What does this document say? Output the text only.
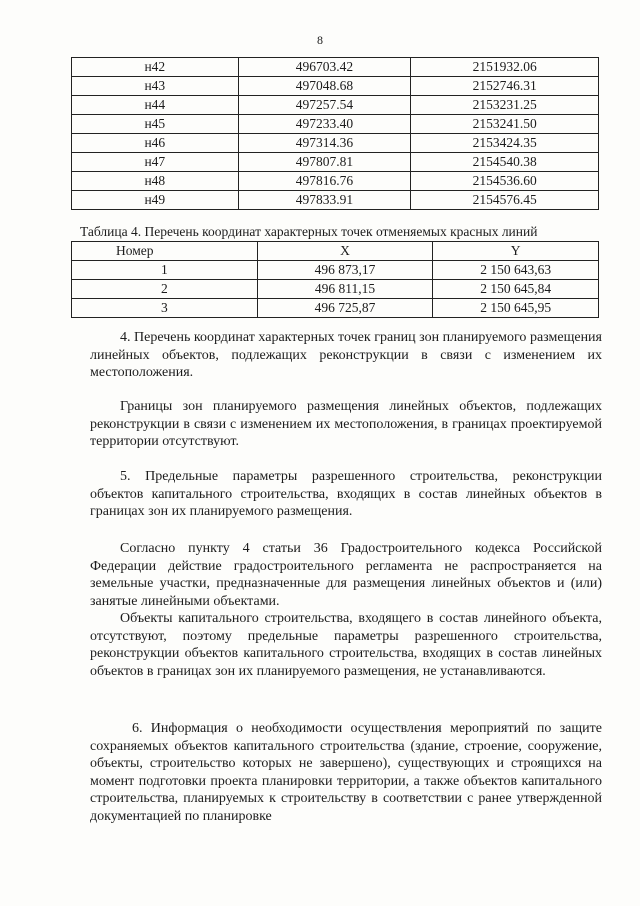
8
н42	496703.42	2151932.06
н43	497048.68	2152746.31
н44	497257.54	2153231.25
н45	497233.40	2153241.50
н46	497314.36	2153424.35
н47	497807.81	2154540.38
н48	497816.76	2154536.60
н49	497833.91	2154576.45
Таблица 4. Перечень координат характерных точек отменяемых красных линий
Номер	X	Y
1	496 873,17	2 150 643,63
2	496 811,15	2 150 645,84
3	496 725,87	2 150 645,95

4. Перечень координат характерных точек границ зон планируемого размещения линейных объектов, подлежащих реконструкции в связи с изменением их местоположения.

Границы зон планируемого размещения линейных объектов, подлежащих реконструкции в связи с изменением их местоположения, в границах проектируемой территории отсутствуют.

5. Предельные параметры разрешенного строительства, реконструкции объектов капитального строительства, входящих в состав линейных объектов в границах зон их планируемого размещения.

Согласно пункту 4 статьи 36 Градостроительного кодекса Российской Федерации действие градостроительного регламента не распространяется на земельные участки, предназначенные для размещения линейных объектов и (или) занятые линейными объектами.

Объекты капитального строительства, входящего в состав линейного объекта, отсутствуют, поэтому предельные параметры разрешенного строительства, реконструкции объектов капитального строительства, входящих в состав линейных объектов в границах зон их планируемого размещения, не устанавливаются.

6. Информация о необходимости осуществления мероприятий по защите сохраняемых объектов капитального строительства (здание, строение, сооружение, объекты, строительство которых не завершено), существующих и строящихся на момент подготовки проекта планировки территории, а также объектов капитального строительства, планируемых к строительству в соответствии с ранее утвержденной документацией по планировке
